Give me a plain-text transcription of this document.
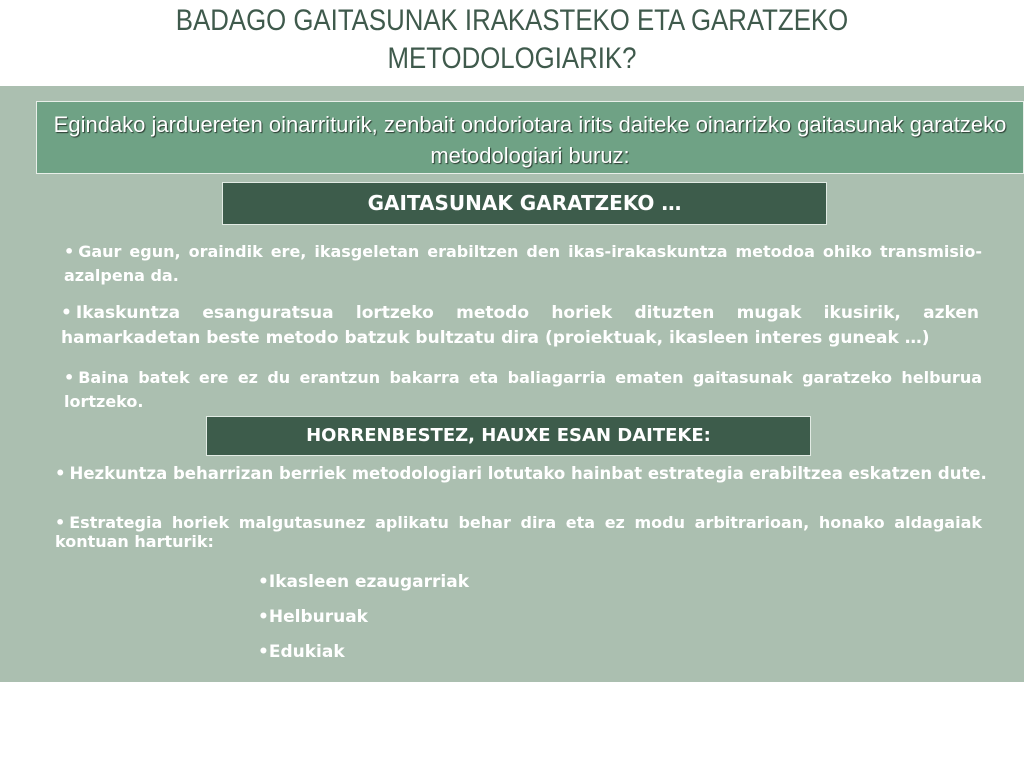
BADAGO GAITASUNAK IRAKASTEKO ETA GARATZEKO
METODOLOGIARIK?
Egindako jarduereten oinarriturik, zenbait ondoriotara irits daiteke oinarrizko gaitasunak garatzeko metodologiari buruz:
GAITASUNAK GARATZEKO …
• Gaur egun, oraindik ere, ikasgeletan erabiltzen den ikas-irakaskuntza metodoa ohiko transmisio-azalpena da.
• Ikaskuntza esanguratsua lortzeko metodo horiek dituzten mugak ikusirik, azken hamarkadetan beste metodo batzuk bultzatu dira (proiektuak, ikasleen interes guneak …)
• Baina batek ere ez du erantzun bakarra eta baliagarria ematen gaitasunak garatzeko helburua lortzeko.
HORRENBESTEZ, HAUXE ESAN DAITEKE:
• Hezkuntza beharrizan berriek metodologiari lotutako hainbat estrategia erabiltzea eskatzen dute.
• Estrategia horiek malgutasunez aplikatu behar dira eta ez modu arbitrarioan, honako aldagaiak kontuan harturik:
•Ikasleen ezaugarriak
•Helburuak
•Edukiak
